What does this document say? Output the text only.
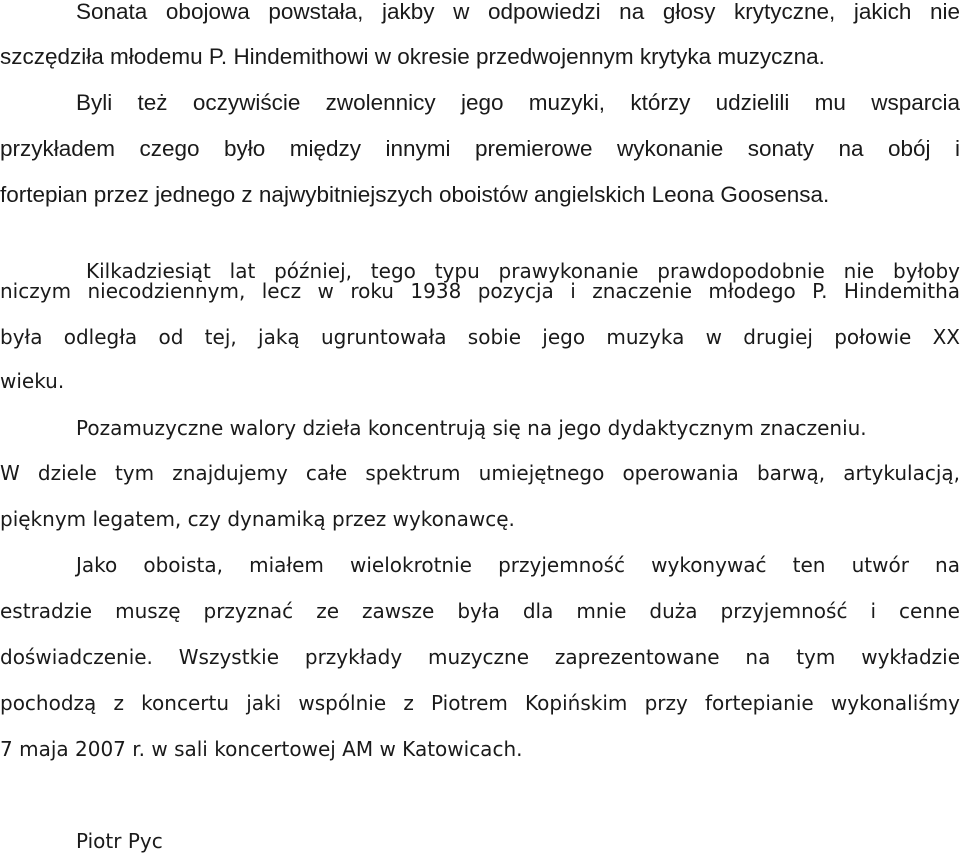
Sonata obojowa powstała, jakby w odpowiedzi na głosy krytyczne, jakich nie
szczędziła młodemu P. Hindemithowi w okresie przedwojennym krytyka muzyczna.
Byli też oczywiście zwolennicy jego muzyki, którzy udzielili mu wsparcia
przykładem czego było między innymi premierowe wykonanie sonaty na obój i
fortepian przez jednego z najwybitniejszych oboistów angielskich Leona Goosensa.
Kilkadziesiąt lat później, tego typu prawykonanie prawdopodobnie nie byłoby
niczym niecodziennym, lecz w roku 1938 pozycja i znaczenie młodego P. Hindemitha
była odległa od tej, jaką ugruntowała sobie jego muzyka w drugiej połowie XX
wieku.
Pozamuzyczne walory dzieła koncentrują się na jego dydaktycznym znaczeniu.
W dziele tym znajdujemy całe spektrum umiejętnego operowania barwą, artykulacją,
pięknym legatem, czy dynamiką przez wykonawcę.
Jako oboista, miałem wielokrotnie przyjemność wykonywać ten utwór na
estradzie muszę przyznać ze zawsze była dla mnie duża przyjemność i cenne
doświadczenie. Wszystkie przykłady muzyczne zaprezentowane na tym wykładzie
pochodzą z koncertu jaki wspólnie z Piotrem Kopińskim przy fortepianie wykonaliśmy
7 maja 2007 r. w sali koncertowej AM w Katowicach.
Piotr Pyc
